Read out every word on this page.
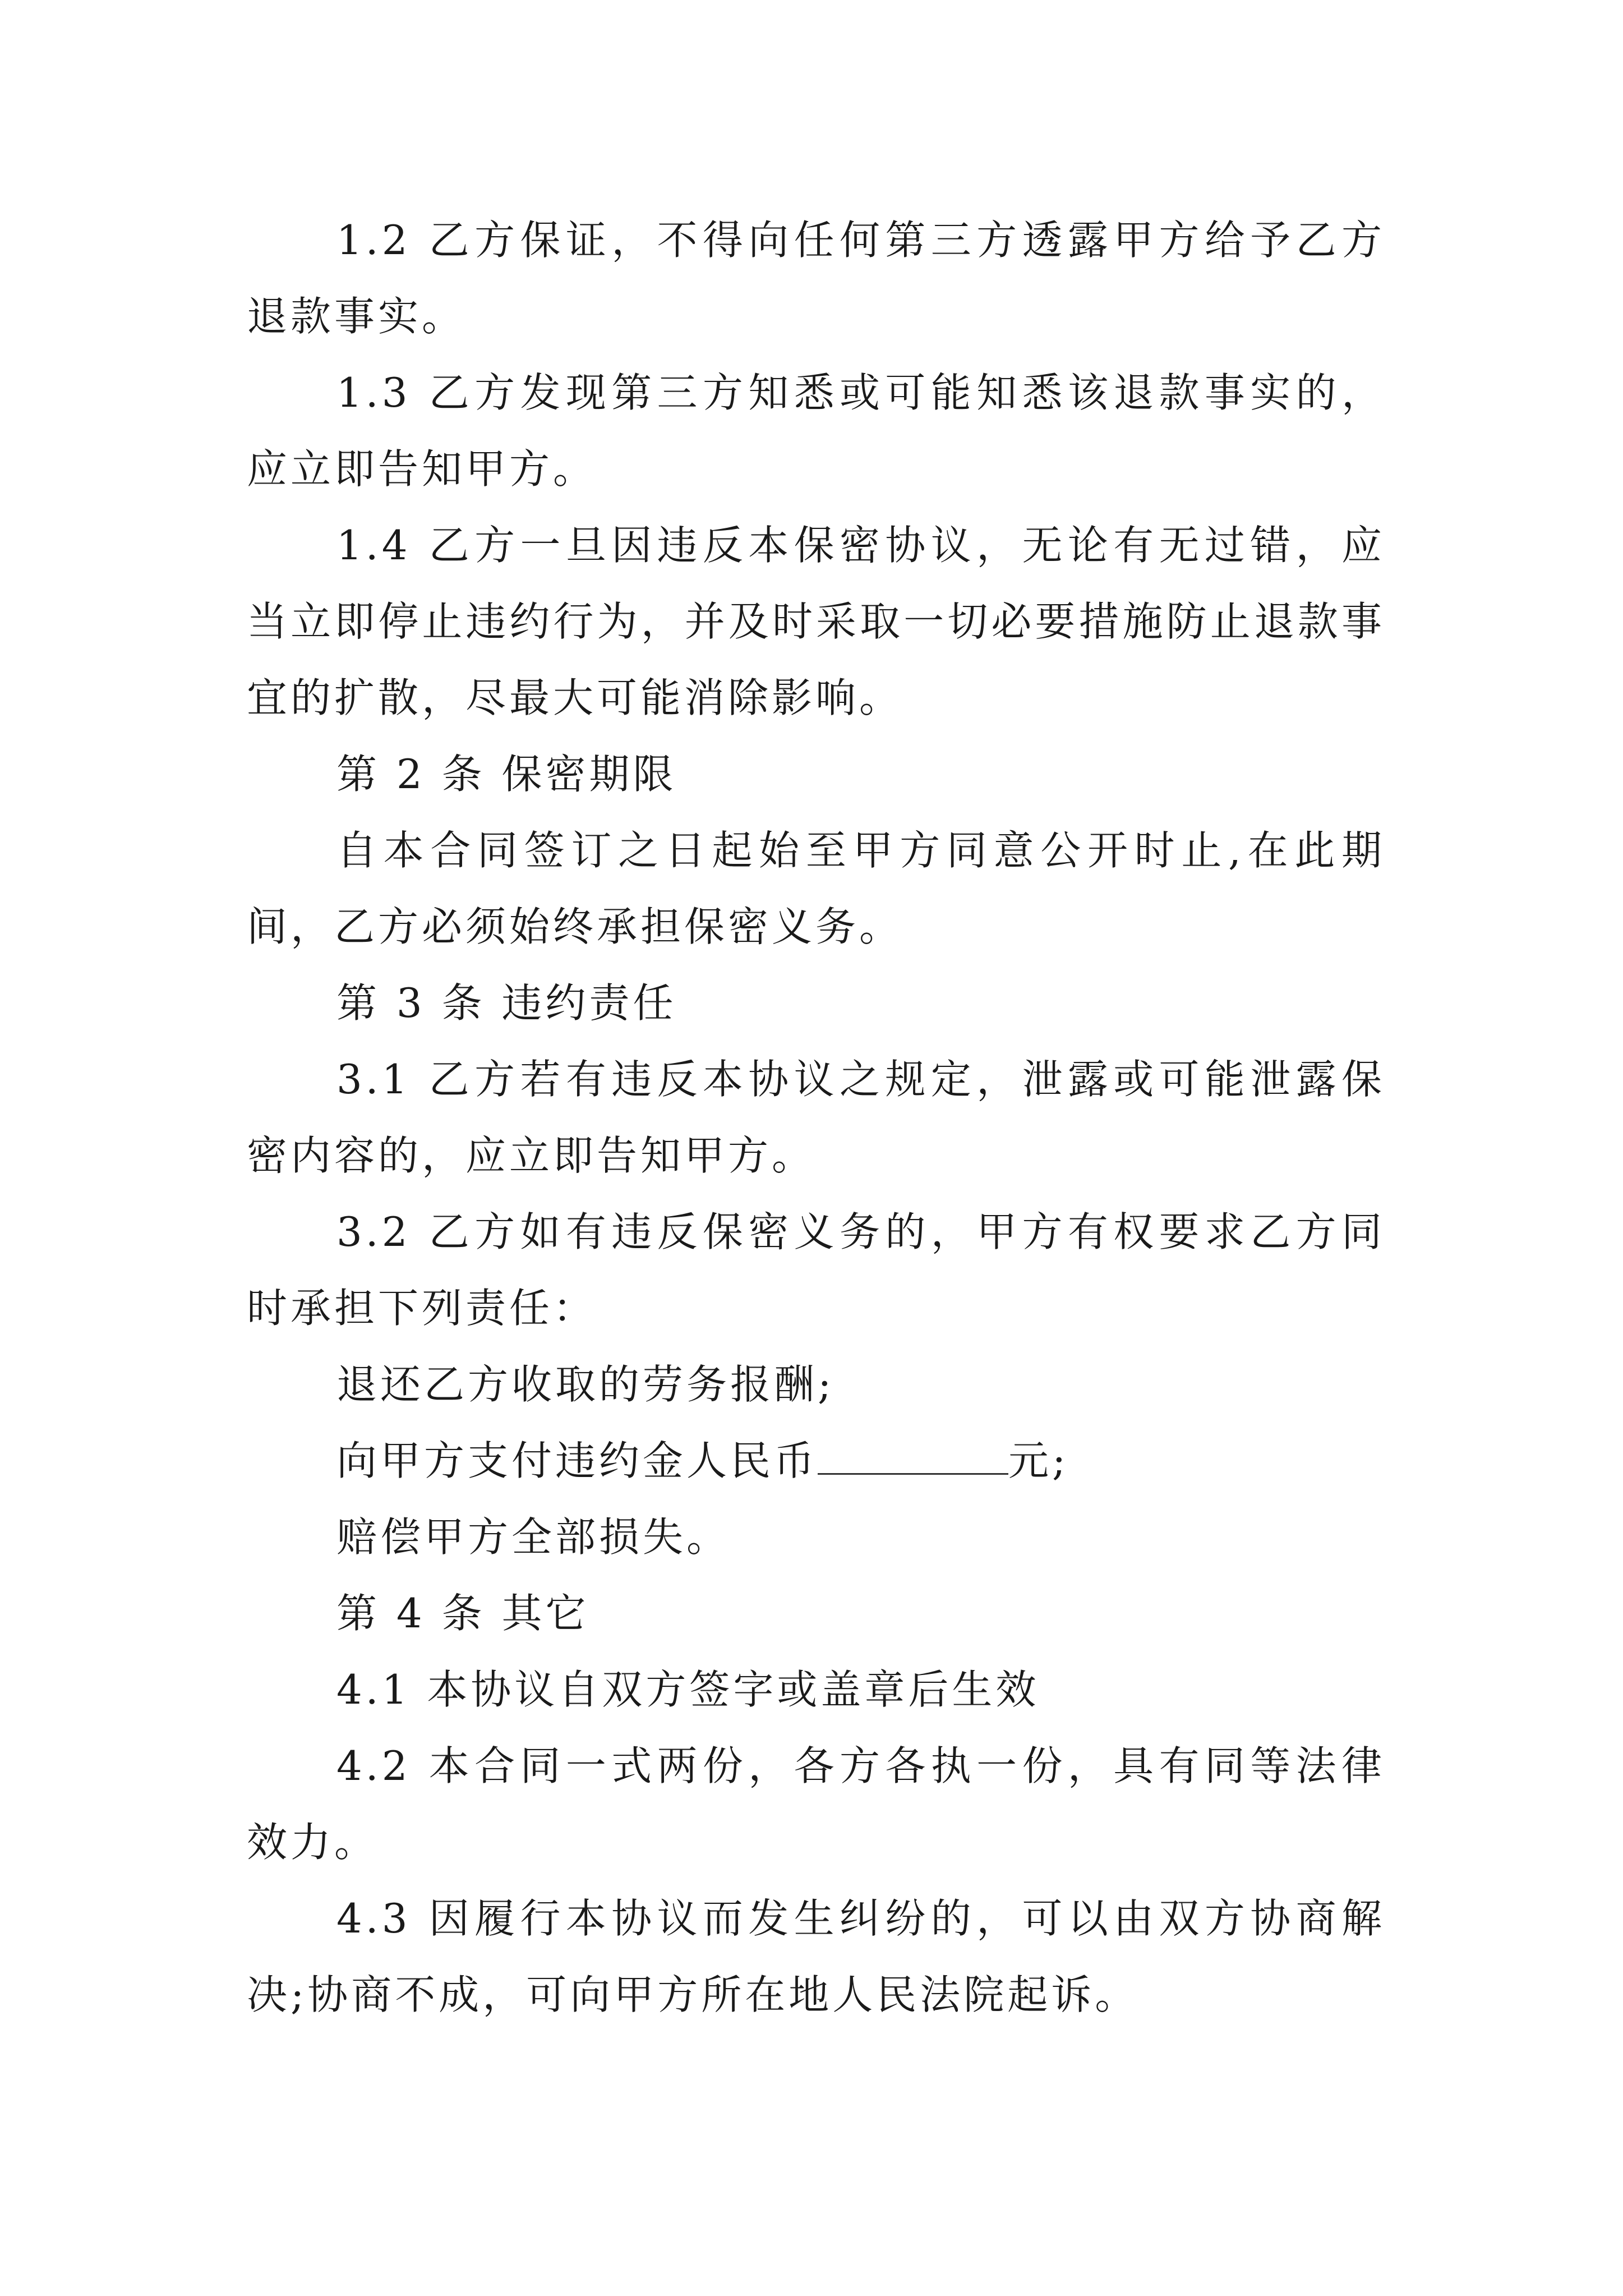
1.2 乙方保证，不得向任何第三方透露甲方给予乙方退款事实。

1.3 乙方发现第三方知悉或可能知悉该退款事实的，应立即告知甲方。

1.4 乙方一旦因违反本保密协议，无论有无过错，应当立即停止违约行为，并及时采取一切必要措施防止退款事宜的扩散，尽最大可能消除影响。

第 2 条 保密期限

自本合同签订之日起始至甲方同意公开时止,在此期间，乙方必须始终承担保密义务。

第 3 条 违约责任

3.1 乙方若有违反本协议之规定，泄露或可能泄露保密内容的，应立即告知甲方。

3.2 乙方如有违反保密义务的，甲方有权要求乙方同时承担下列责任：

退还乙方收取的劳务报酬;

向甲方支付违约金人民币	元;

赔偿甲方全部损失。

第 4 条 其它

4.1 本协议自双方签字或盖章后生效

4.2 本合同一式两份，各方各执一份，具有同等法律效力。

4.3 因履行本协议而发生纠纷的，可以由双方协商解决;协商不成，可向甲方所在地人民法院起诉。
